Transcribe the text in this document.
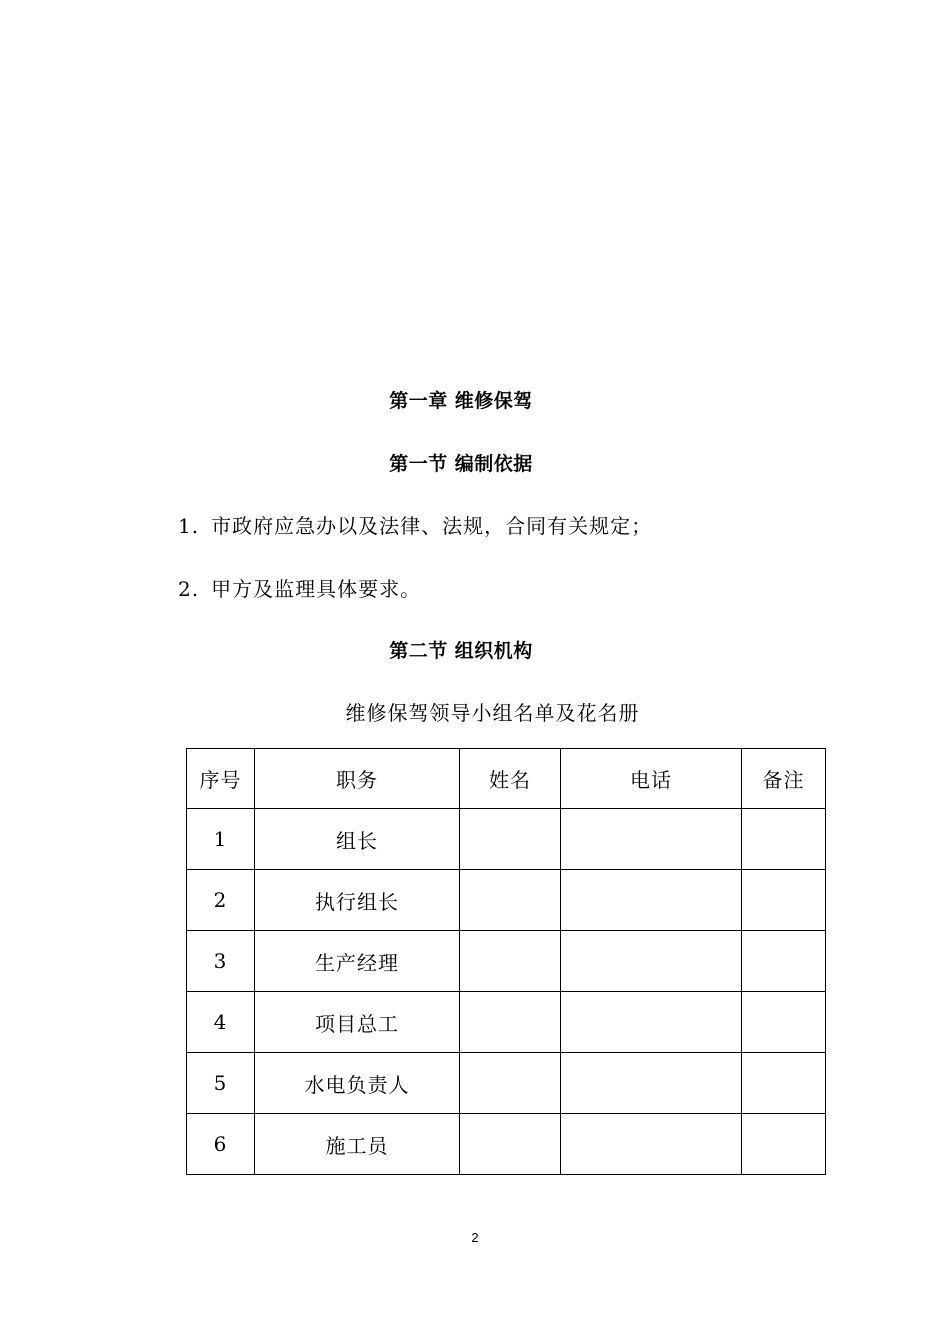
第一章 维修保驾
第一节 编制依据
1. 市政府应急办以及法律、法规，合同有关规定；
2. 甲方及监理具体要求。
第二节 组织机构
维修保驾领导小组名单及花名册
序号	职务	姓名	电话	备注
1	组长			
2	执行组长			
3	生产经理			
4	项目总工			
5	水电负责人			
6	施工员			
2
